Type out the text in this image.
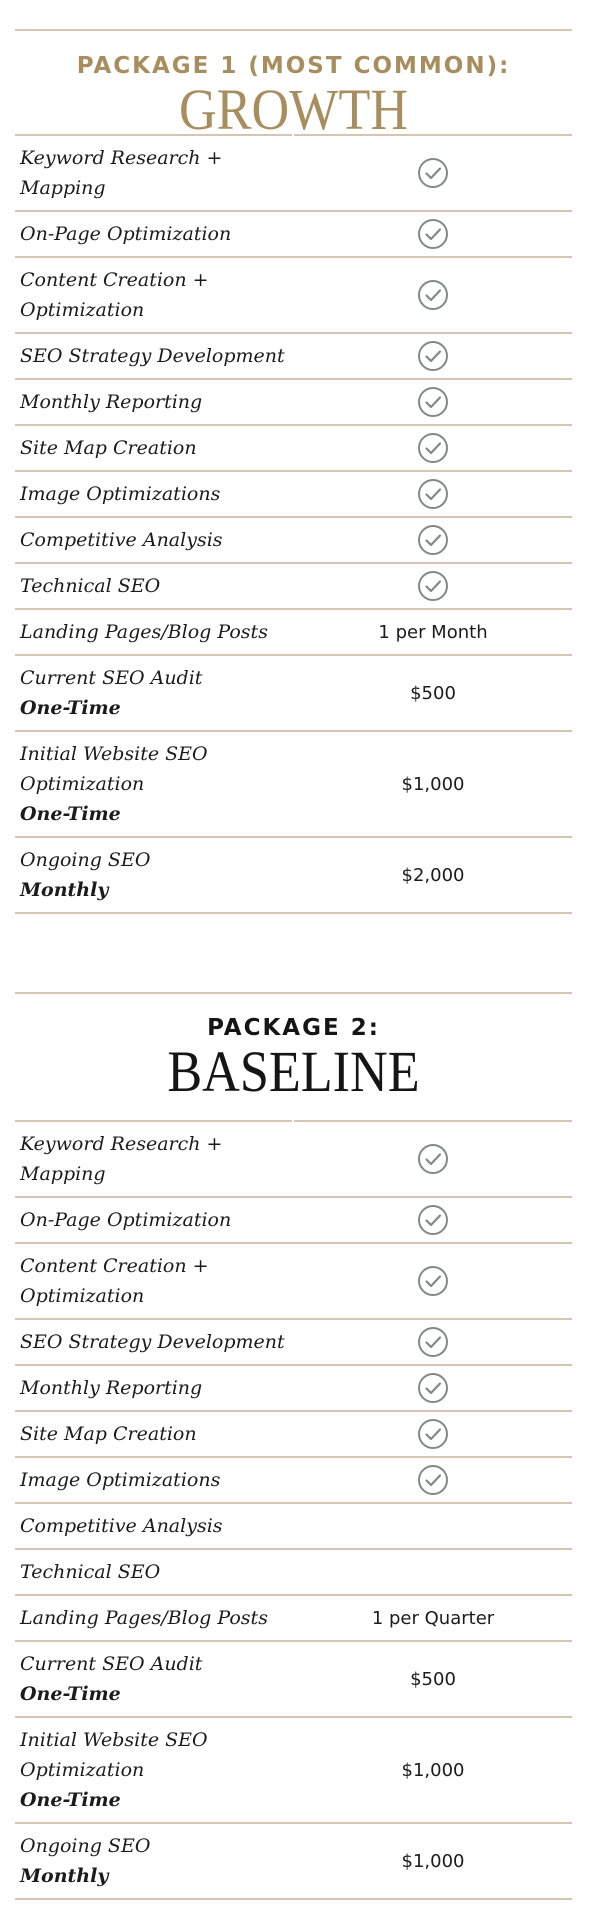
PACKAGE 1 (MOST COMMON):
GROWTH
Keyword Research + Mapping	

On-Page Optimization	

Content Creation + Optimization	

SEO Strategy Development	

Monthly Reporting	

Site Map Creation	

Image Optimizations	

Competitive Analysis	

Technical SEO	

Landing Pages/Blog Posts	1 per Month
Current SEO Audit
One-Time	$500
Initial Website SEO Optimization
One-Time	$1,000
Ongoing SEO
Monthly	$2,000
PACKAGE 2:
BASELINE
Keyword Research + Mapping	

On-Page Optimization	

Content Creation + Optimization	

SEO Strategy Development	

Monthly Reporting	

Site Map Creation	

Image Optimizations	

Competitive Analysis	
Technical SEO	
Landing Pages/Blog Posts	1 per Quarter
Current SEO Audit
One-Time	$500
Initial Website SEO Optimization
One-Time	$1,000
Ongoing SEO
Monthly	$1,000
